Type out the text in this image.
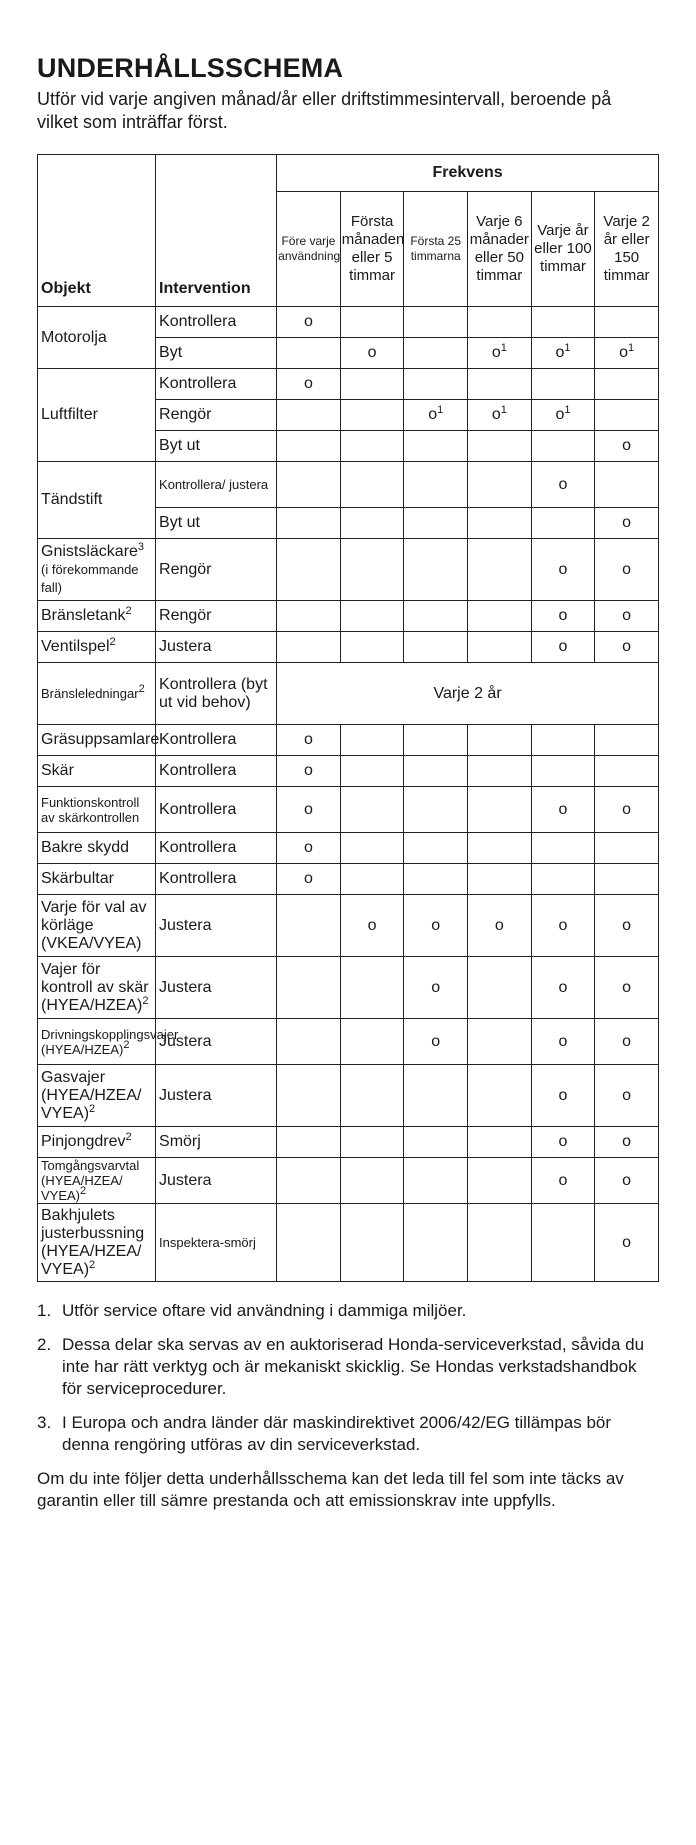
UNDERHÅLLSSCHEMA

Utför vid varje angiven månad/år eller driftstimmesintervall, beroende på vilket som inträffar först.

Objekt	Intervention	Frekvens					
		Före varje användning	Första månaden eller 5 timmar	Första 25 timmarna	Varje 6 månader eller 50 timmar	Varje år eller 100 timmar	Varje 2 år eller 150 timmar
Motorolja	Kontrollera	o					
	Byt		o		$o^1$	$o^1$	$o^1$
Luftfilter	Kontrollera	o					
	Rengör			$o^1$	$o^1$	$o^1$	
	Byt ut						o
Tändstift	Kontrollera/ justera					o	
	Byt ut						o
Gnistsläckare$^3$
(i förekommande fall)	Rengör					o	o
Bränsletank$^2$	Rengör					o	o
Ventilspel$^2$	Justera					o	o
Bränsleledningar$^2$	Kontrollera (byt ut vid behov)	Varje 2 år					
Gräsuppsamlare	Kontrollera	o					
Skär	Kontrollera	o					
Funktionskontroll av skärkontrollen	Kontrollera	o				o	o
Bakre skydd	Kontrollera	o					
Skärbultar	Kontrollera	o					
Varje för val av körläge (VKEA/VYEA)	Justera		o	o	o	o	o
Vajer för kontroll av skär (HYEA/HZEA)$^2$	Justera			o		o	o
Drivningskopplingsvajer (HYEA/HZEA)$^2$	Justera			o		o	o
Gasvajer (HYEA/HZEA/ VYEA)$^2$	Justera					o	o
Pinjongdrev$^2$	Smörj					o	o
Tomgångsvarvtal (HYEA/HZEA/ VYEA)$^2$	Justera					o	o
Bakhjulets justerbussning (HYEA/HZEA/ VYEA)$^2$	Inspektera-smörj						o
1. Utför service oftare vid användning i dammiga miljöer.
2. Dessa delar ska servas av en auktoriserad Honda-serviceverkstad, såvida du inte har rätt verktyg och är mekaniskt skicklig. Se Hondas verkstadshandbok för serviceprocedurer.
3. I Europa och andra länder där maskindirektivet 2006/42/EG tillämpas bör denna rengöring utföras av din serviceverkstad.

Om du inte följer detta underhållsschema kan det leda till fel som inte täcks av garantin eller till sämre prestanda och att emissionskrav inte uppfylls.
